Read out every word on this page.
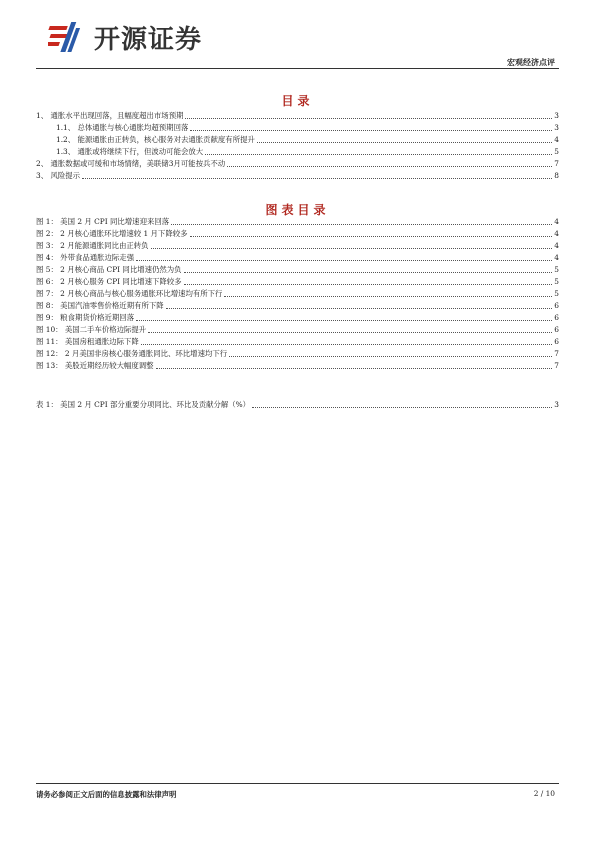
开源证券
宏观经济点评
目录
1、 通胀水平出现回落，且幅度超出市场预期	3
1.1、 总体通胀与核心通胀均超预期回落	3
1.2、 能源通胀由正转负，核心服务对去通胀贡献度有所提升	4
1.3、 通胀或将继续下行，但波动可能会放大	5
2、 通胀数据或可缓和市场情绪，美联储3月可能按兵不动	7
3、 风险提示	8
图表目录
图 1： 美国 2 月 CPI 同比增速迎来回落	4
图 2： 2 月核心通胀环比增速较 1 月下降较多	4
图 3： 2 月能源通胀同比由正转负	4
图 4： 外带食品通胀边际走强	4
图 5： 2 月核心商品 CPI 同比增速仍然为负	5
图 6： 2 月核心服务 CPI 同比增速下降较多	5
图 7： 2 月核心商品与核心服务通胀环比增速均有所下行	5
图 8： 美国汽油零售价格近期有所下降	6
图 9： 粮食期货价格近期回落	6
图 10： 美国二手车价格边际提升	6
图 11： 美国房租通胀边际下降	6
图 12： 2 月美国非房核心服务通胀同比、环比增速均下行	7
图 13： 美股近期经历较大幅度调整	7
表 1： 美国 2 月 CPI 部分重要分项同比、环比及贡献分解（%）	3
请务必参阅正文后面的信息披露和法律声明	2 / 10
